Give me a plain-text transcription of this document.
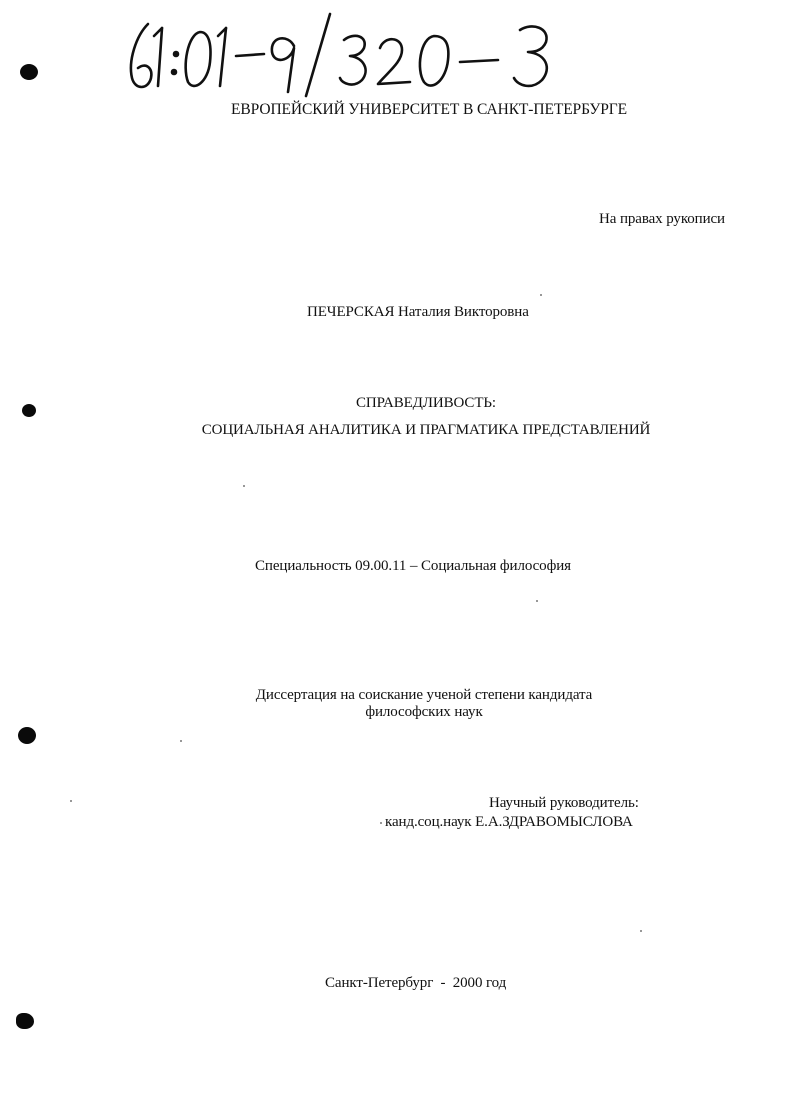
ЕВРОПЕЙСКИЙ УНИВЕРСИТЕТ В САНКТ-ПЕТЕРБУРГЕ
На правах рукописи
ПЕЧЕРСКАЯ Наталия Викторовна
СПРАВЕДЛИВОСТЬ:
СОЦИАЛЬНАЯ АНАЛИТИКА И ПРАГМАТИКА ПРЕДСТАВЛЕНИЙ
Специальность 09.00.11 – Социальная философия
Диссертация на соискание ученой степени кандидата
философских наук
Научный руководитель:
канд.соц.наук Е.А.ЗДРАВОМЫСЛОВА
Санкт-Петербург  -  2000 год
